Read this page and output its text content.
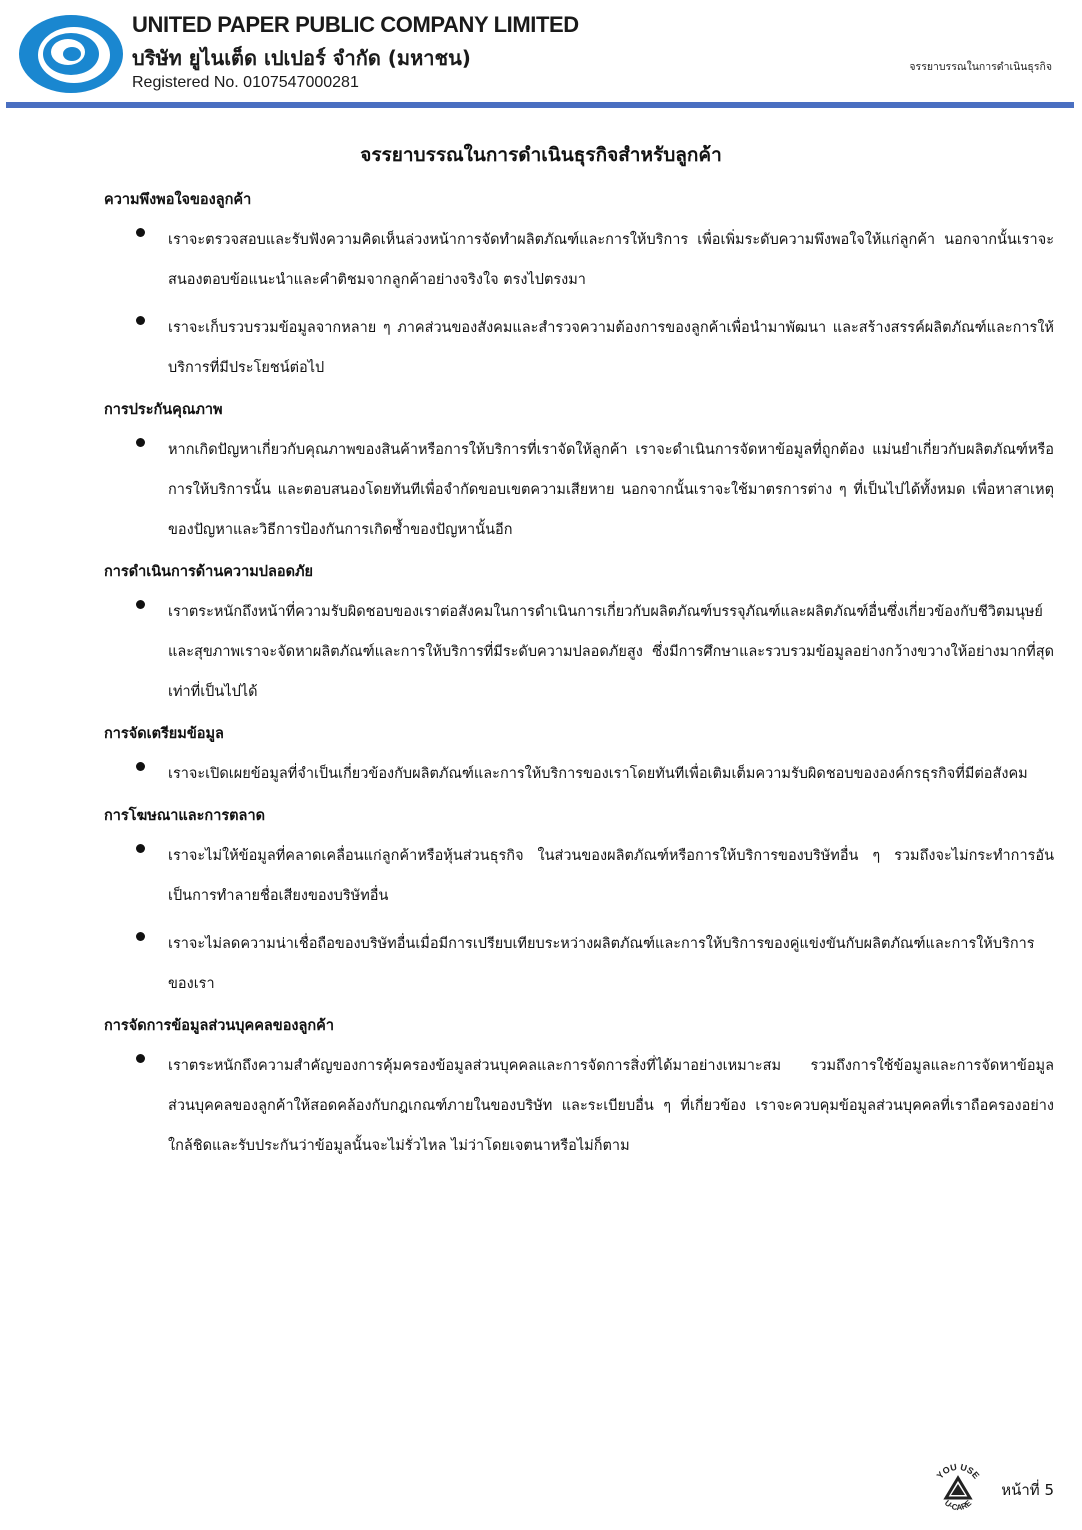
UNITED PAPER PUBLIC COMPANY LIMITED
บริษัท ยูไนเต็ด เปเปอร์ จำกัด (มหาชน)
Registered No. 0107547000281
จรรยาบรรณในการดำเนินธุรกิจ
จรรยาบรรณในการดำเนินธุรกิจสำหรับลูกค้า
ความพึงพอใจของลูกค้า
เราจะตรวจสอบและรับฟังความคิดเห็นล่วงหน้าการจัดทำผลิตภัณฑ์และการให้บริการ เพื่อเพิ่มระดับความพึงพอใจให้แก่ลูกค้า นอกจากนั้นเราจะสนองตอบข้อแนะนำและคำติชมจากลูกค้าอย่างจริงใจ ตรงไปตรงมา
เราจะเก็บรวบรวมข้อมูลจากหลาย ๆ ภาคส่วนของสังคมและสำรวจความต้องการของลูกค้าเพื่อนำมาพัฒนา และสร้างสรรค์ผลิตภัณฑ์และการให้บริการที่มีประโยชน์ต่อไป
การประกันคุณภาพ
หากเกิดปัญหาเกี่ยวกับคุณภาพของสินค้าหรือการให้บริการที่เราจัดให้ลูกค้า เราจะดำเนินการจัดหาข้อมูลที่ถูกต้อง แม่นยำเกี่ยวกับผลิตภัณฑ์หรือการให้บริการนั้น และตอบสนองโดยทันทีเพื่อจำกัดขอบเขตความเสียหาย นอกจากนั้นเราจะใช้มาตรการต่าง ๆ ที่เป็นไปได้ทั้งหมด เพื่อหาสาเหตุของปัญหาและวิธีการป้องกันการเกิดซ้ำของปัญหานั้นอีก
การดำเนินการด้านความปลอดภัย
เราตระหนักถึงหน้าที่ความรับผิดชอบของเราต่อสังคมในการดำเนินการเกี่ยวกับผลิตภัณฑ์บรรจุภัณฑ์และผลิตภัณฑ์อื่นซึ่งเกี่ยวข้องกับชีวิตมนุษย์และสุขภาพเราจะจัดหาผลิตภัณฑ์และการให้บริการที่มีระดับความปลอดภัยสูง ซึ่งมีการศึกษาและรวบรวมข้อมูลอย่างกว้างขวางให้อย่างมากที่สุดเท่าที่เป็นไปได้
การจัดเตรียมข้อมูล
เราจะเปิดเผยข้อมูลที่จำเป็นเกี่ยวข้องกับผลิตภัณฑ์และการให้บริการของเราโดยทันทีเพื่อเติมเต็มความรับผิดชอบขององค์กรธุรกิจที่มีต่อสังคม
การโฆษณาและการตลาด
เราจะไม่ให้ข้อมูลที่คลาดเคลื่อนแก่ลูกค้าหรือหุ้นส่วนธุรกิจ ในส่วนของผลิตภัณฑ์หรือการให้บริการของบริษัทอื่น ๆ รวมถึงจะไม่กระทำการอันเป็นการทำลายชื่อเสียงของบริษัทอื่น
เราจะไม่ลดความน่าเชื่อถือของบริษัทอื่นเมื่อมีการเปรียบเทียบระหว่างผลิตภัณฑ์และการให้บริการของคู่แข่งขันกับผลิตภัณฑ์และการให้บริการของเรา
การจัดการข้อมูลส่วนบุคคลของลูกค้า
เราตระหนักถึงความสำคัญของการคุ้มครองข้อมูลส่วนบุคคลและการจัดการสิ่งที่ได้มาอย่างเหมาะสม รวมถึงการใช้ข้อมูลและการจัดหาข้อมูลส่วนบุคคลของลูกค้าให้สอดคล้องกับกฎเกณฑ์ภายในของบริษัท และระเบียบอื่น ๆ ที่เกี่ยวข้อง เราจะควบคุมข้อมูลส่วนบุคคลที่เราถือครองอย่างใกล้ชิดและรับประกันว่าข้อมูลนั้นจะไม่รั่วไหล ไม่ว่าโดยเจตนาหรือไม่ก็ตาม
YOU USE
U-CARE
หน้าที่ 5
